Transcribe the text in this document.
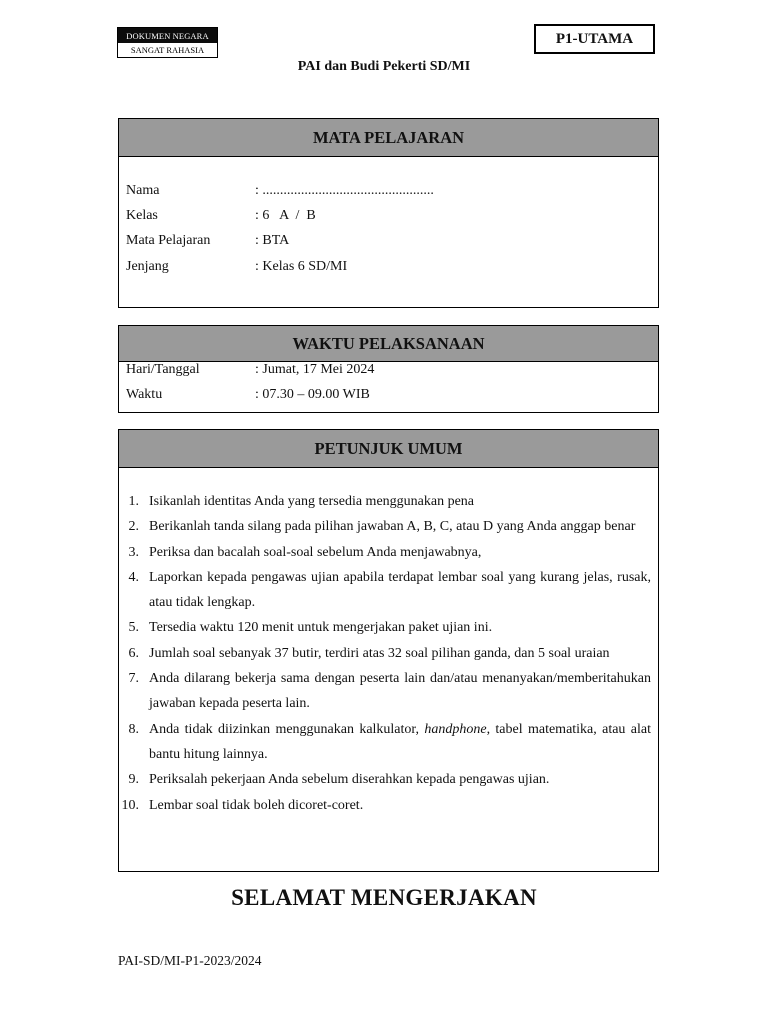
DOKUMEN NEGARA
SANGAT RAHASIA
P1-UTAMA
PAI dan Budi Pekerti SD/MI
MATA PELAJARAN
Nama	: .................................................
Kelas	: 6   A  /  B
Mata Pelajaran	: BTA
Jenjang	: Kelas 6 SD/MI
WAKTU PELAKSANAAN
Hari/Tanggal	: Jumat, 17 Mei 2024
Waktu	: 07.30 – 09.00 WIB
PETUNJUK UMUM
1. Isikanlah identitas Anda yang tersedia menggunakan pena
2. Berikanlah tanda silang pada pilihan jawaban A, B, C, atau D yang Anda anggap benar
3. Periksa dan bacalah soal-soal sebelum Anda menjawabnya,
4. Laporkan kepada pengawas ujian apabila terdapat lembar soal yang kurang jelas, rusak, atau tidak lengkap.
5. Tersedia waktu 120 menit untuk mengerjakan paket ujian ini.
6. Jumlah soal sebanyak 37 butir, terdiri atas 32 soal pilihan ganda, dan 5 soal uraian
7. Anda dilarang bekerja sama dengan peserta lain dan/atau menanyakan/memberitahukan jawaban kepada peserta lain.
8. Anda tidak diizinkan menggunakan kalkulator, handphone, tabel matematika, atau alat bantu hitung lainnya.
9. Periksalah pekerjaan Anda sebelum diserahkan kepada pengawas ujian.
10. Lembar soal tidak boleh dicoret-coret.
SELAMAT MENGERJAKAN
PAI-SD/MI-P1-2023/2024
